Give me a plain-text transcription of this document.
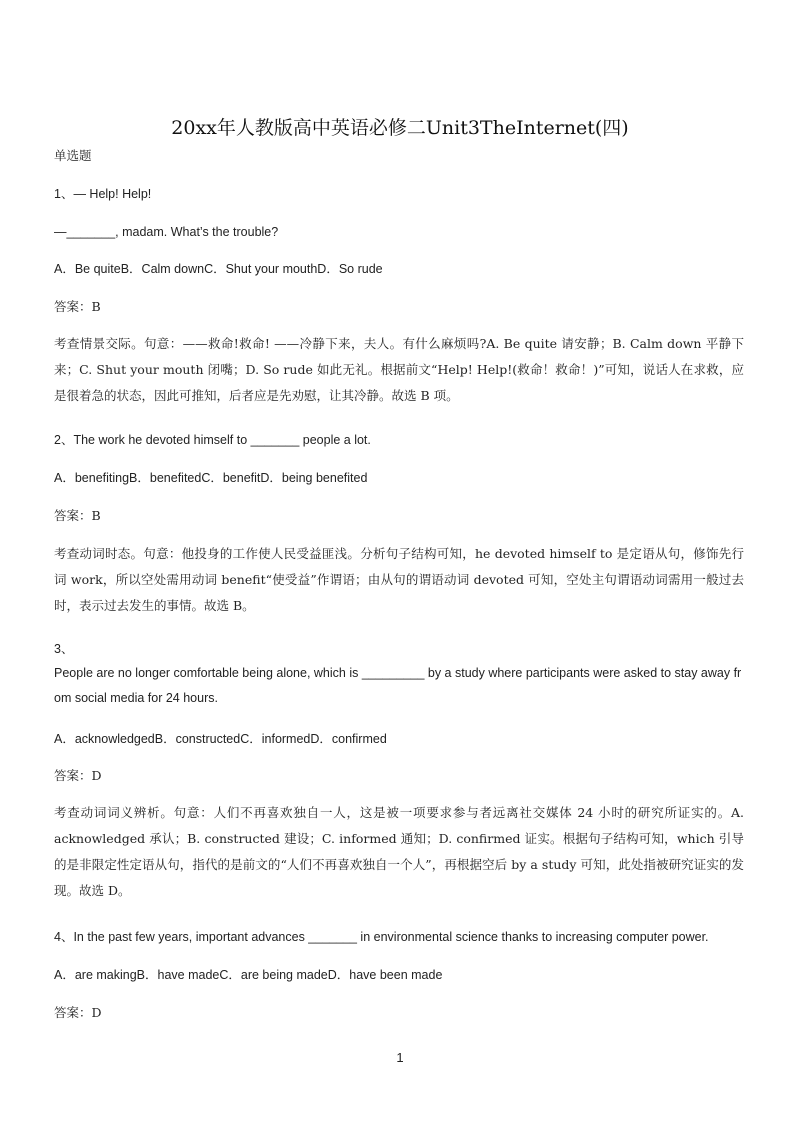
20xx年人教版高中英语必修二Unit3TheInternet(四)
单选题
1、— Help! Help!
—_______, madam. What’s the trouble?
A．Be quiteB．Calm downC．Shut your mouthD．So rude
答案：B
考查情景交际。句意：——救命!救命! ——冷静下来，夫人。有什么麻烦吗?A. Be quite 请安静；B. Calm down 平静下来；C. Shut your mouth 闭嘴；D. So rude 如此无礼。根据前文“Help! Help!(救命！救命！)”可知，说话人在求救，应是很着急的状态，因此可推知，后者应是先劝慰，让其冷静。故选 B 项。
2、The work he devoted himself to _______ people a lot.
A．benefitingB．benefitedC．benefitD．being benefited
答案：B
考查动词时态。句意：他投身的工作使人民受益匪浅。分析句子结构可知，he devoted himself to 是定语从句，修饰先行词 work，所以空处需用动词 benefit“使受益”作谓语；由从句的谓语动词 devoted 可知，空处主句谓语动词需用一般过去时，表示过去发生的事情。故选 B。
3、
People are no longer comfortable being alone, which is _________ by a study where participants were asked to stay away from social media for 24 hours.
A．acknowledgedB．constructedC．informedD．confirmed
答案：D
考查动词词义辨析。句意：人们不再喜欢独自一人，这是被一项要求参与者远离社交媒体 24 小时的研究所证实的。A. acknowledged 承认；B. constructed 建设；C. informed 通知；D. confirmed 证实。根据句子结构可知，which 引导的是非限定性定语从句，指代的是前文的“人们不再喜欢独自一个人”，再根据空后 by a study 可知，此处指被研究证实的发现。故选 D。
4、In the past few years, important advances _______ in environmental science thanks to increasing computer power.
A．are makingB．have madeC．are being madeD．have been made
答案：D
1
